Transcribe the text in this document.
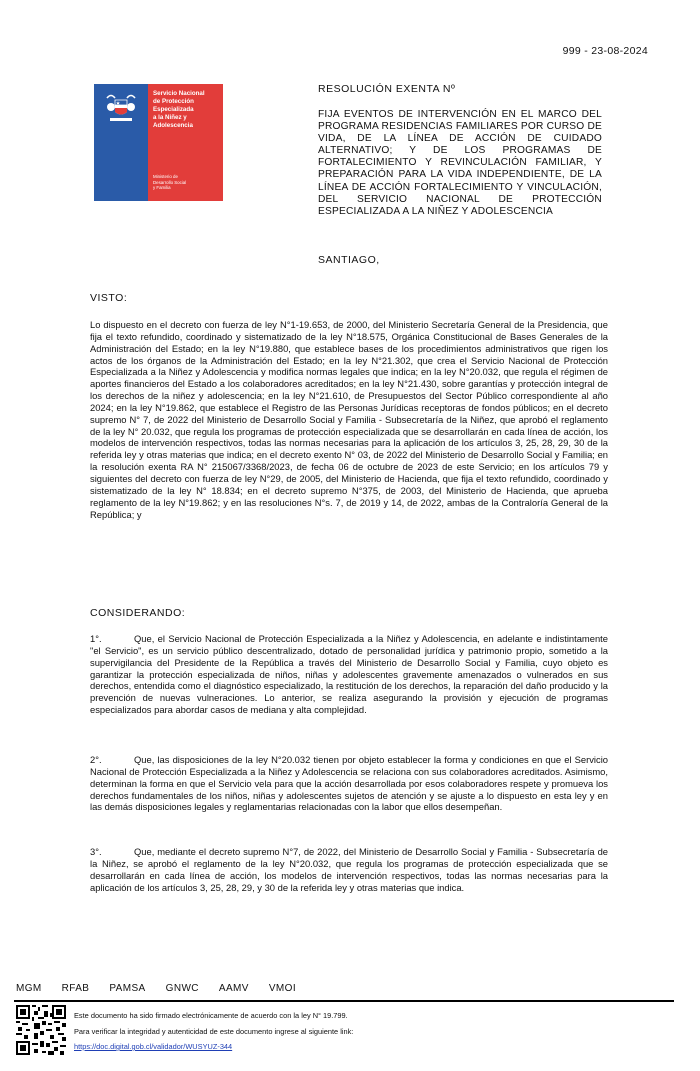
999 - 23-08-2024
Servicio Nacional
de Protección
Especializada
a la Niñez y
Adolescencia
Ministerio de
Desarrollo Social
y Familia
RESOLUCIÓN EXENTA Nº
FIJA EVENTOS DE INTERVENCIÓN EN EL MARCO DEL PROGRAMA RESIDENCIAS FAMILIARES POR CURSO DE VIDA, DE LA LÍNEA DE ACCIÓN DE CUIDADO ALTERNATIVO; Y DE LOS PROGRAMAS DE FORTALECIMIENTO Y REVINCULACIÓN FAMILIAR, Y PREPARACIÓN PARA LA VIDA INDEPENDIENTE, DE LA LÍNEA DE ACCIÓN FORTALECIMIENTO Y VINCULACIÓN, DEL SERVICIO NACIONAL DE PROTECCIÓN ESPECIALIZADA A LA NIÑEZ Y ADOLESCENCIA
SANTIAGO,
VISTO:
Lo dispuesto en el decreto con fuerza de ley N°1-19.653, de 2000, del Ministerio Secretaría General de la Presidencia, que fija el texto refundido, coordinado y sistematizado de la ley N°18.575, Orgánica Constitucional de Bases Generales de la Administración del Estado; en la ley N°19.880, que establece bases de los procedimientos administrativos que rigen los actos de los órganos de la Administración del Estado; en la ley N°21.302, que crea el Servicio Nacional de Protección Especializada a la Niñez y Adolescencia y modifica normas legales que indica; en la ley N°20.032, que regula el régimen de aportes financieros del Estado a los colaboradores acreditados; en la ley N°21.430, sobre garantías y protección integral de los derechos de la niñez y adolescencia; en la ley N°21.610, de Presupuestos del Sector Público correspondiente al año 2024; en la ley N°19.862, que establece el Registro de las Personas Jurídicas receptoras de fondos públicos; en el decreto supremo N° 7, de 2022 del Ministerio de Desarrollo Social y Familia - Subsecretaría de la Niñez, que aprobó el reglamento de la ley N° 20.032, que regula los programas de protección especializada que se desarrollarán en cada línea de acción, los modelos de intervención respectivos, todas las normas necesarias para la aplicación de los artículos 3, 25, 28, 29, 30 de la referida ley y otras materias que indica; en el decreto exento N° 03, de 2022 del Ministerio de Desarrollo Social y Familia; en la resolución exenta RA N° 215067/3368/2023, de fecha 06 de octubre de 2023 de este Servicio; en los artículos 79 y siguientes del decreto con fuerza de ley N°29, de 2005, del Ministerio de Hacienda, que fija el texto refundido, coordinado y sistematizado de la ley N° 18.834; en el decreto supremo N°375, de 2003, del Ministerio de Hacienda, que aprueba reglamento de la ley N°19.862; y en las resoluciones N°s. 7, de 2019 y 14, de 2022, ambas de la Contraloría General de la República; y
CONSIDERANDO:
1°.	Que, el Servicio Nacional de Protección Especializada a la Niñez y Adolescencia, en adelante e indistintamente "el Servicio", es un servicio público descentralizado, dotado de personalidad jurídica y patrimonio propio, sometido a la supervigilancia del Presidente de la República a través del Ministerio de Desarrollo Social y Familia, cuyo objeto es garantizar la protección especializada de niños, niñas y adolescentes gravemente amenazados o vulnerados en sus derechos, entendida como el diagnóstico especializado, la restitución de los derechos, la reparación del daño producido y la prevención de nuevas vulneraciones. Lo anterior, se realiza asegurando la provisión y ejecución de programas especializados para abordar casos de mediana y alta complejidad.
2°.	Que, las disposiciones de la ley N°20.032 tienen por objeto establecer la forma y condiciones en que el Servicio Nacional de Protección Especializada a la Niñez y Adolescencia se relaciona con sus colaboradores acreditados. Asimismo, determinan la forma en que el Servicio vela para que la acción desarrollada por esos colaboradores respete y promueva los derechos fundamentales de los niños, niñas y adolescentes sujetos de atención y se ajuste a lo dispuesto en esta ley y en las demás disposiciones legales y reglamentarias relacionadas con la labor que ellos desempeñan.
3°.	Que, mediante el decreto supremo N°7, de 2022, del Ministerio de Desarrollo Social y Familia - Subsecretaría de la Niñez, se aprobó el reglamento de la ley N°20.032, que regula los programas de protección especializada que se desarrollarán en cada línea de acción, los modelos de intervención respectivos, todas las normas necesarias para la aplicación de los artículos 3, 25, 28, 29, y 30 de la referida ley y otras materias que indica.
MGM RFAB PAMSA GNWC AAMV VMOI
Este documento ha sido firmado electrónicamente de acuerdo con la ley N° 19.799.
Para verificar la integridad y autenticidad de este documento ingrese al siguiente link:
https://doc.digital.gob.cl/validador/WUSYUZ-344
